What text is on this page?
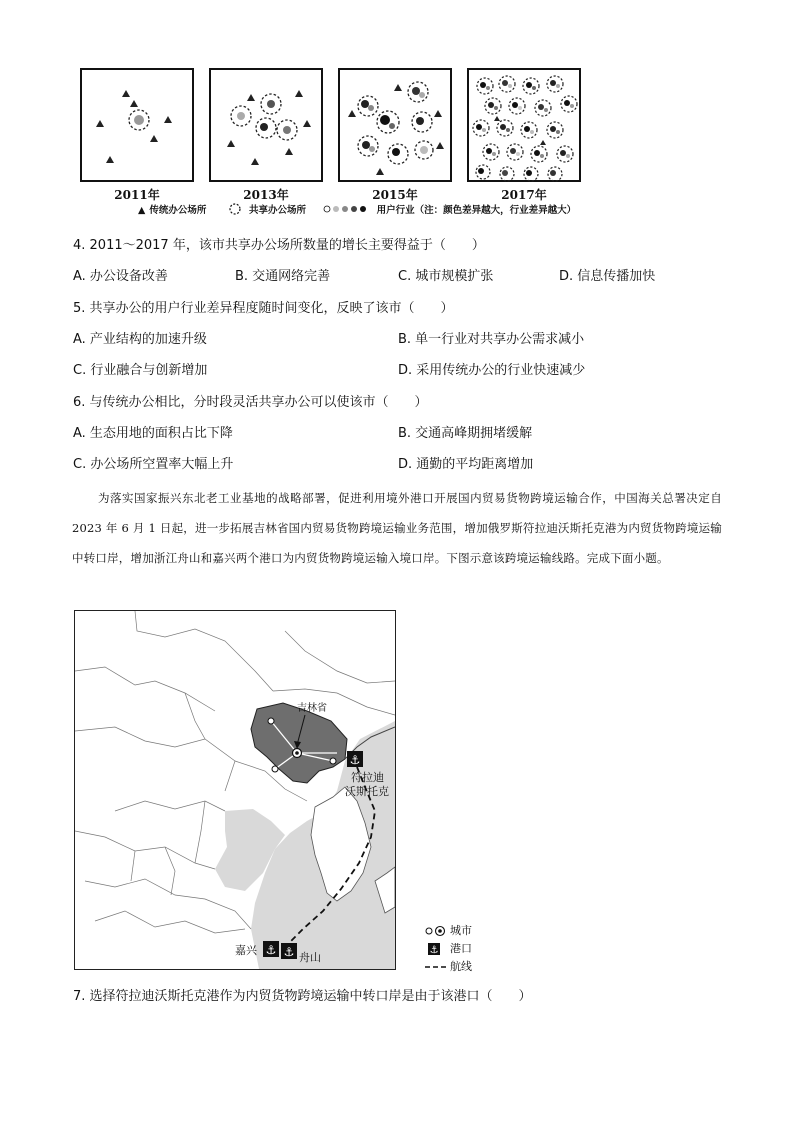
2011年	2013年	2015年	2017年
▲ 传统办公场所	共享办公场所	用户行业（注：颜色差异越大，行业差异越大）
4. 2011～2017 年，该市共享办公场所数量的增长主要得益于（　　）
A. 办公设备改善	B. 交通网络完善	C. 城市规模扩张	D. 信息传播加快
5. 共享办公的用户行业差异程度随时间变化，反映了该市（　　）
A. 产业结构的加速升级	B. 单一行业对共享办公需求减小
C. 行业融合与创新增加	D. 采用传统办公的行业快速减少
6. 与传统办公相比，分时段灵活共享办公可以使该市（　　）
A. 生态用地的面积占比下降	B. 交通高峰期拥堵缓解
C. 办公场所空置率大幅上升	D. 通勤的平均距离增加

为落实国家振兴东北老工业基地的战略部署，促进利用境外港口开展国内贸易货物跨境运输合作，中国海关总署决定自 2023 年 6 月 1 日起，进一步拓展吉林省国内贸易货物跨境运输业务范围，增加俄罗斯符拉迪沃斯托克港为内贸货物跨境运输中转口岸，增加浙江舟山和嘉兴两个港口为内贸货物跨境运输入境口岸。下图示意该跨境运输线路。完成下面小题。

⚓
⚓ ⚓
吉林省
符拉迪
沃斯托克
嘉兴
舟山
城市
⚓ 港口
航线
7. 选择符拉迪沃斯托克港作为内贸货物跨境运输中转口岸是由于该港口（　　）
